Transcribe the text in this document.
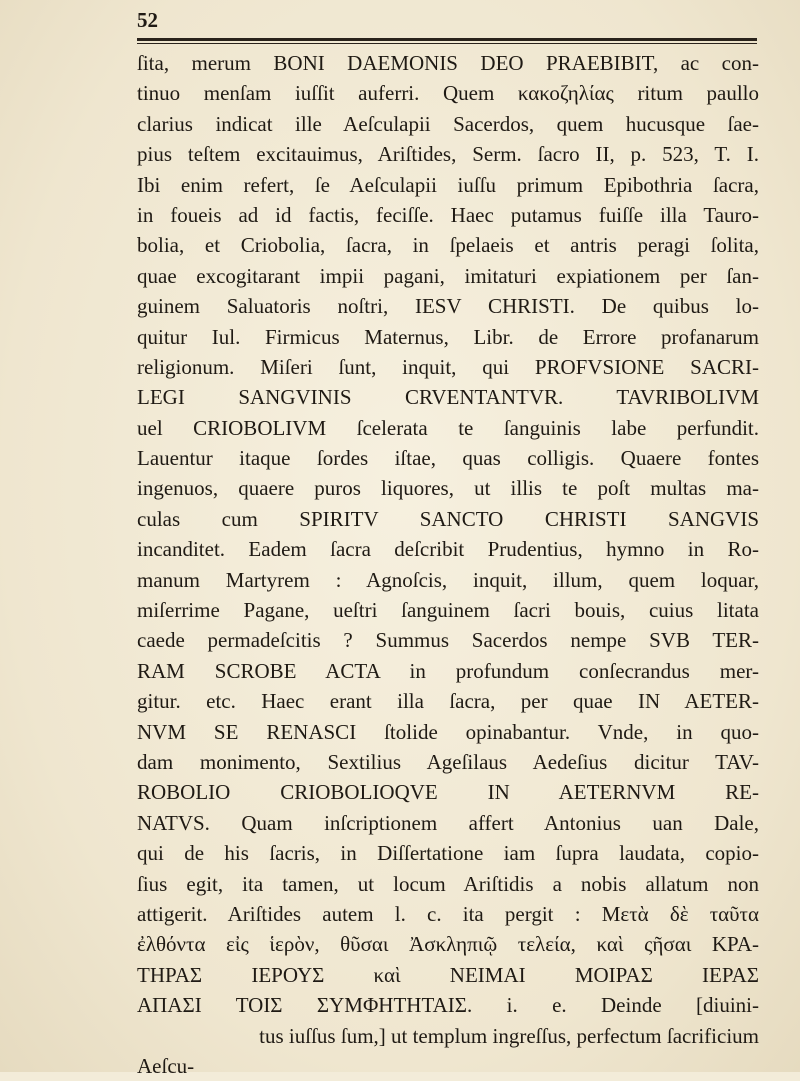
52
ſita, merum BONI DAEMONIS DEO PRAEBIBIT, ac con-
tinuo menſam iuſſit auferri. Quem κακοζηλίας ritum paullo
clarius indicat ille Aeſculapii Sacerdos, quem hucusque ſae-
pius teſtem excitauimus, Ariſtides, Serm. ſacro II, p. 523, T. I.
Ibi enim refert, ſe Aeſculapii iuſſu primum Epibothria ſacra,
in foueis ad id factis, feciſſe. Haec putamus fuiſſe illa Tauro-
bolia, et Criobolia, ſacra, in ſpelaeis et antris peragi ſolita,
quae excogitarant impii pagani, imitaturi expiationem per ſan-
guinem Saluatoris noſtri, IESV CHRISTI. De quibus lo-
quitur Iul. Firmicus Maternus, Libr. de Errore profanarum
religionum. Miſeri ſunt, inquit, qui PROFVSIONE SACRI-
LEGI SANGVINIS CRVENTANTVR. TAVRIBOLIVM
uel CRIOBOLIVM ſcelerata te ſanguinis labe perfundit.
Lauentur itaque ſordes iſtae, quas colligis. Quaere fontes
ingenuos, quaere puros liquores, ut illis te poſt multas ma-
culas cum SPIRITV SANCTO CHRISTI SANGVIS
incanditet. Eadem ſacra deſcribit Prudentius, hymno in Ro-
manum Martyrem : Agnoſcis, inquit, illum, quem loquar,
miſerrime Pagane, ueſtri ſanguinem ſacri bouis, cuius litata
caede permadeſcitis ? Summus Sacerdos nempe SVB TER-
RAM SCROBE ACTA in profundum conſecrandus mer-
gitur. etc. Haec erant illa ſacra, per quae IN AETER-
NVM SE RENASCI ſtolide opinabantur. Vnde, in quo-
dam monimento, Sextilius Ageſilaus Aedeſius dicitur TAV-
ROBOLIO CRIOBOLIOQVE IN AETERNVM RE-
NATVS. Quam inſcriptionem affert Antonius uan Dale,
qui de his ſacris, in Diſſertatione iam ſupra laudata, copio-
ſius egit, ita tamen, ut locum Ariſtidis a nobis allatum non
attigerit. Ariſtides autem l. c. ita pergit : Μετὰ δὲ ταῦτα
ἐλθόντα εἰς ἱερὸν, θῦσαι Ἀσκληπιῷ τελεία, καὶ ςῆσαι ΚΡΑ-
ΤΗΡΑΣ ΙΕΡΟΥΣ καὶ ΝΕΙΜΑΙ ΜΟΙΡΑΣ ΙΕΡΑΣ
ΑΠΑΣΙ ΤΟΙΣ ΣΥΜΦΗΤΗΤΑΙΣ. i. e. Deinde [diuini-
tus iuſſus ſum,] ut templum ingreſſus, perfectum ſacrificium
Aeſcu-
